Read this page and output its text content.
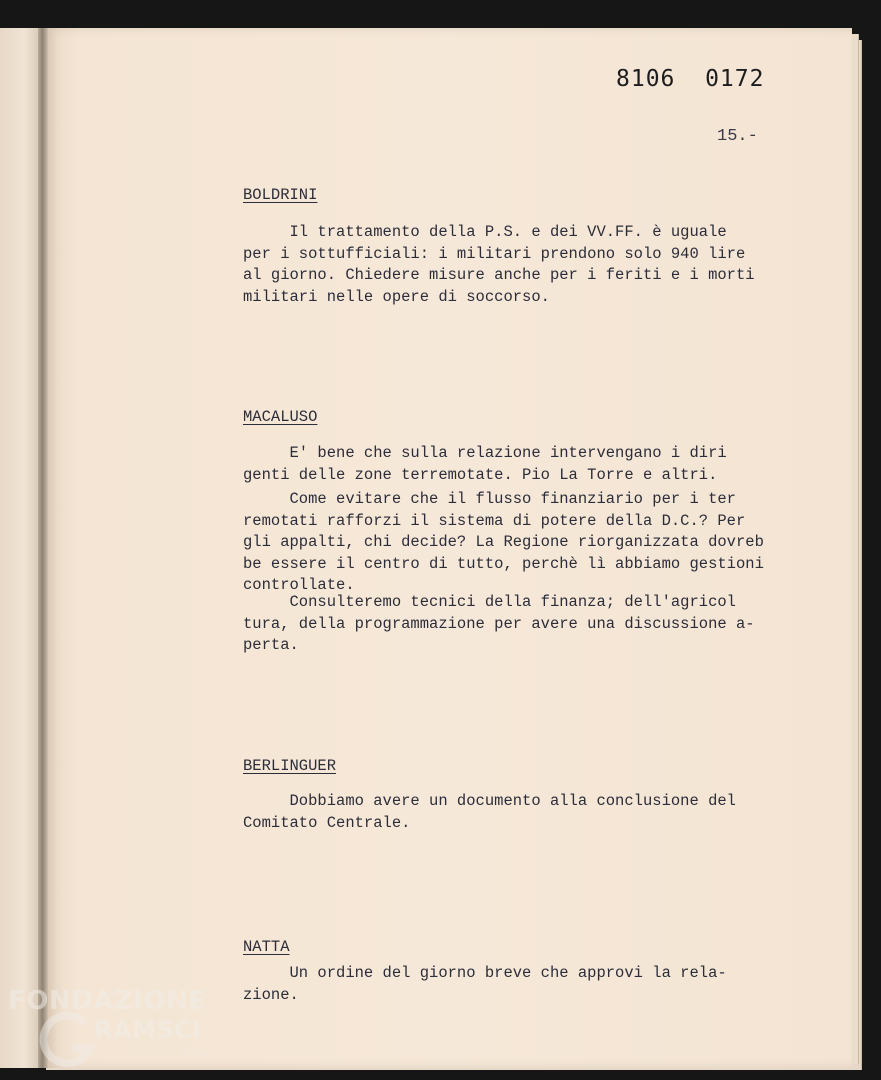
8106  0172
15.-
BOLDRINI

Il trattamento della P.S. e dei VV.FF. è uguale
per i sottufficiali: i militari prendono solo 940 lire
al giorno. Chiedere misure anche per i feriti e i morti
militari nelle opere di soccorso.

MACALUSO

E' bene che sulla relazione intervengano i diri
genti delle zone terremotate. Pio La Torre e altri.

Come evitare che il flusso finanziario per i ter
remotati rafforzi il sistema di potere della D.C.? Per
gli appalti, chi decide? La Regione riorganizzata dovreb
be essere il centro di tutto, perchè lì abbiamo gestioni
controllate.

Consulteremo tecnici della finanza; dell'agricol
tura, della programmazione per avere una discussione a-
perta.

BERLINGUER

Dobbiamo avere un documento alla conclusione del
Comitato Centrale.

NATTA

Un ordine del giorno breve che approvi la rela-
zione.

FONDAZIONE
RAMSCI
onlus
